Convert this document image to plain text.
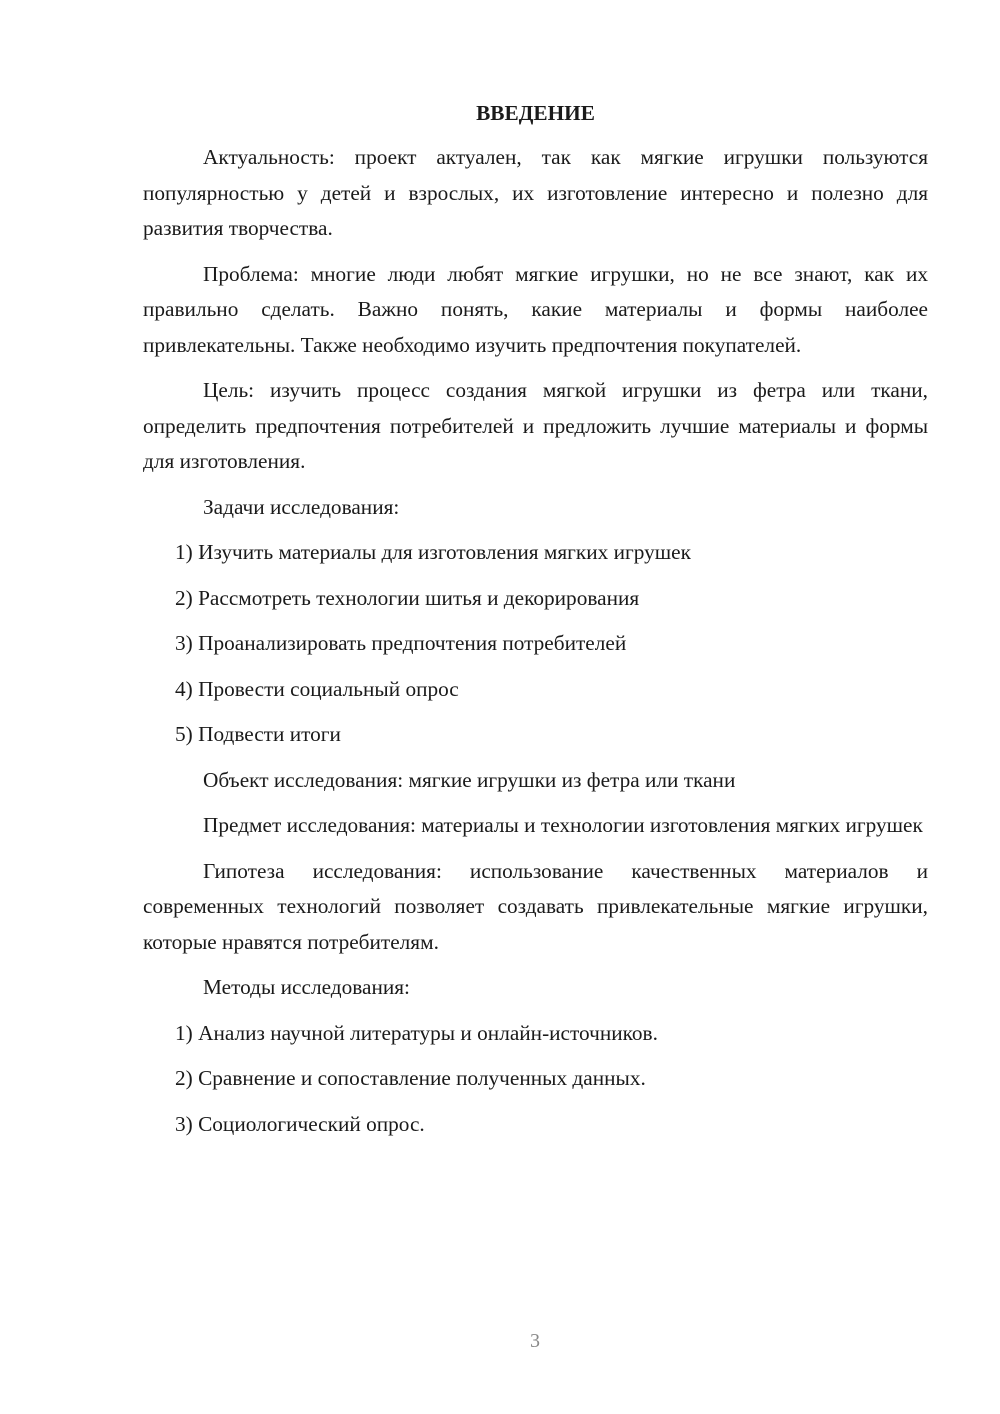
ВВЕДЕНИЕ

Актуальность: проект актуален, так как мягкие игрушки пользуются популярностью у детей и взрослых, их изготовление интересно и полезно для развития творчества.

Проблема: многие люди любят мягкие игрушки, но не все знают, как их правильно сделать. Важно понять, какие материалы и формы наиболее привлекательны. Также необходимо изучить предпочтения покупателей.

Цель: изучить процесс создания мягкой игрушки из фетра или ткани, определить предпочтения потребителей и предложить лучшие материалы и формы для изготовления.

Задачи исследования:

1) Изучить материалы для изготовления мягких игрушек
2) Рассмотреть технологии шитья и декорирования
3) Проанализировать предпочтения потребителей
4) Провести социальный опрос
5) Подвести итоги

Объект исследования: мягкие игрушки из фетра или ткани

Предмет исследования: материалы и технологии изготовления мягких игрушек

Гипотеза исследования: использование качественных материалов и современных технологий позволяет создавать привлекательные мягкие игрушки, которые нравятся потребителям.

Методы исследования:

1) Анализ научной литературы и онлайн-источников.
2) Сравнение и сопоставление полученных данных.
3) Социологический опрос.
3
